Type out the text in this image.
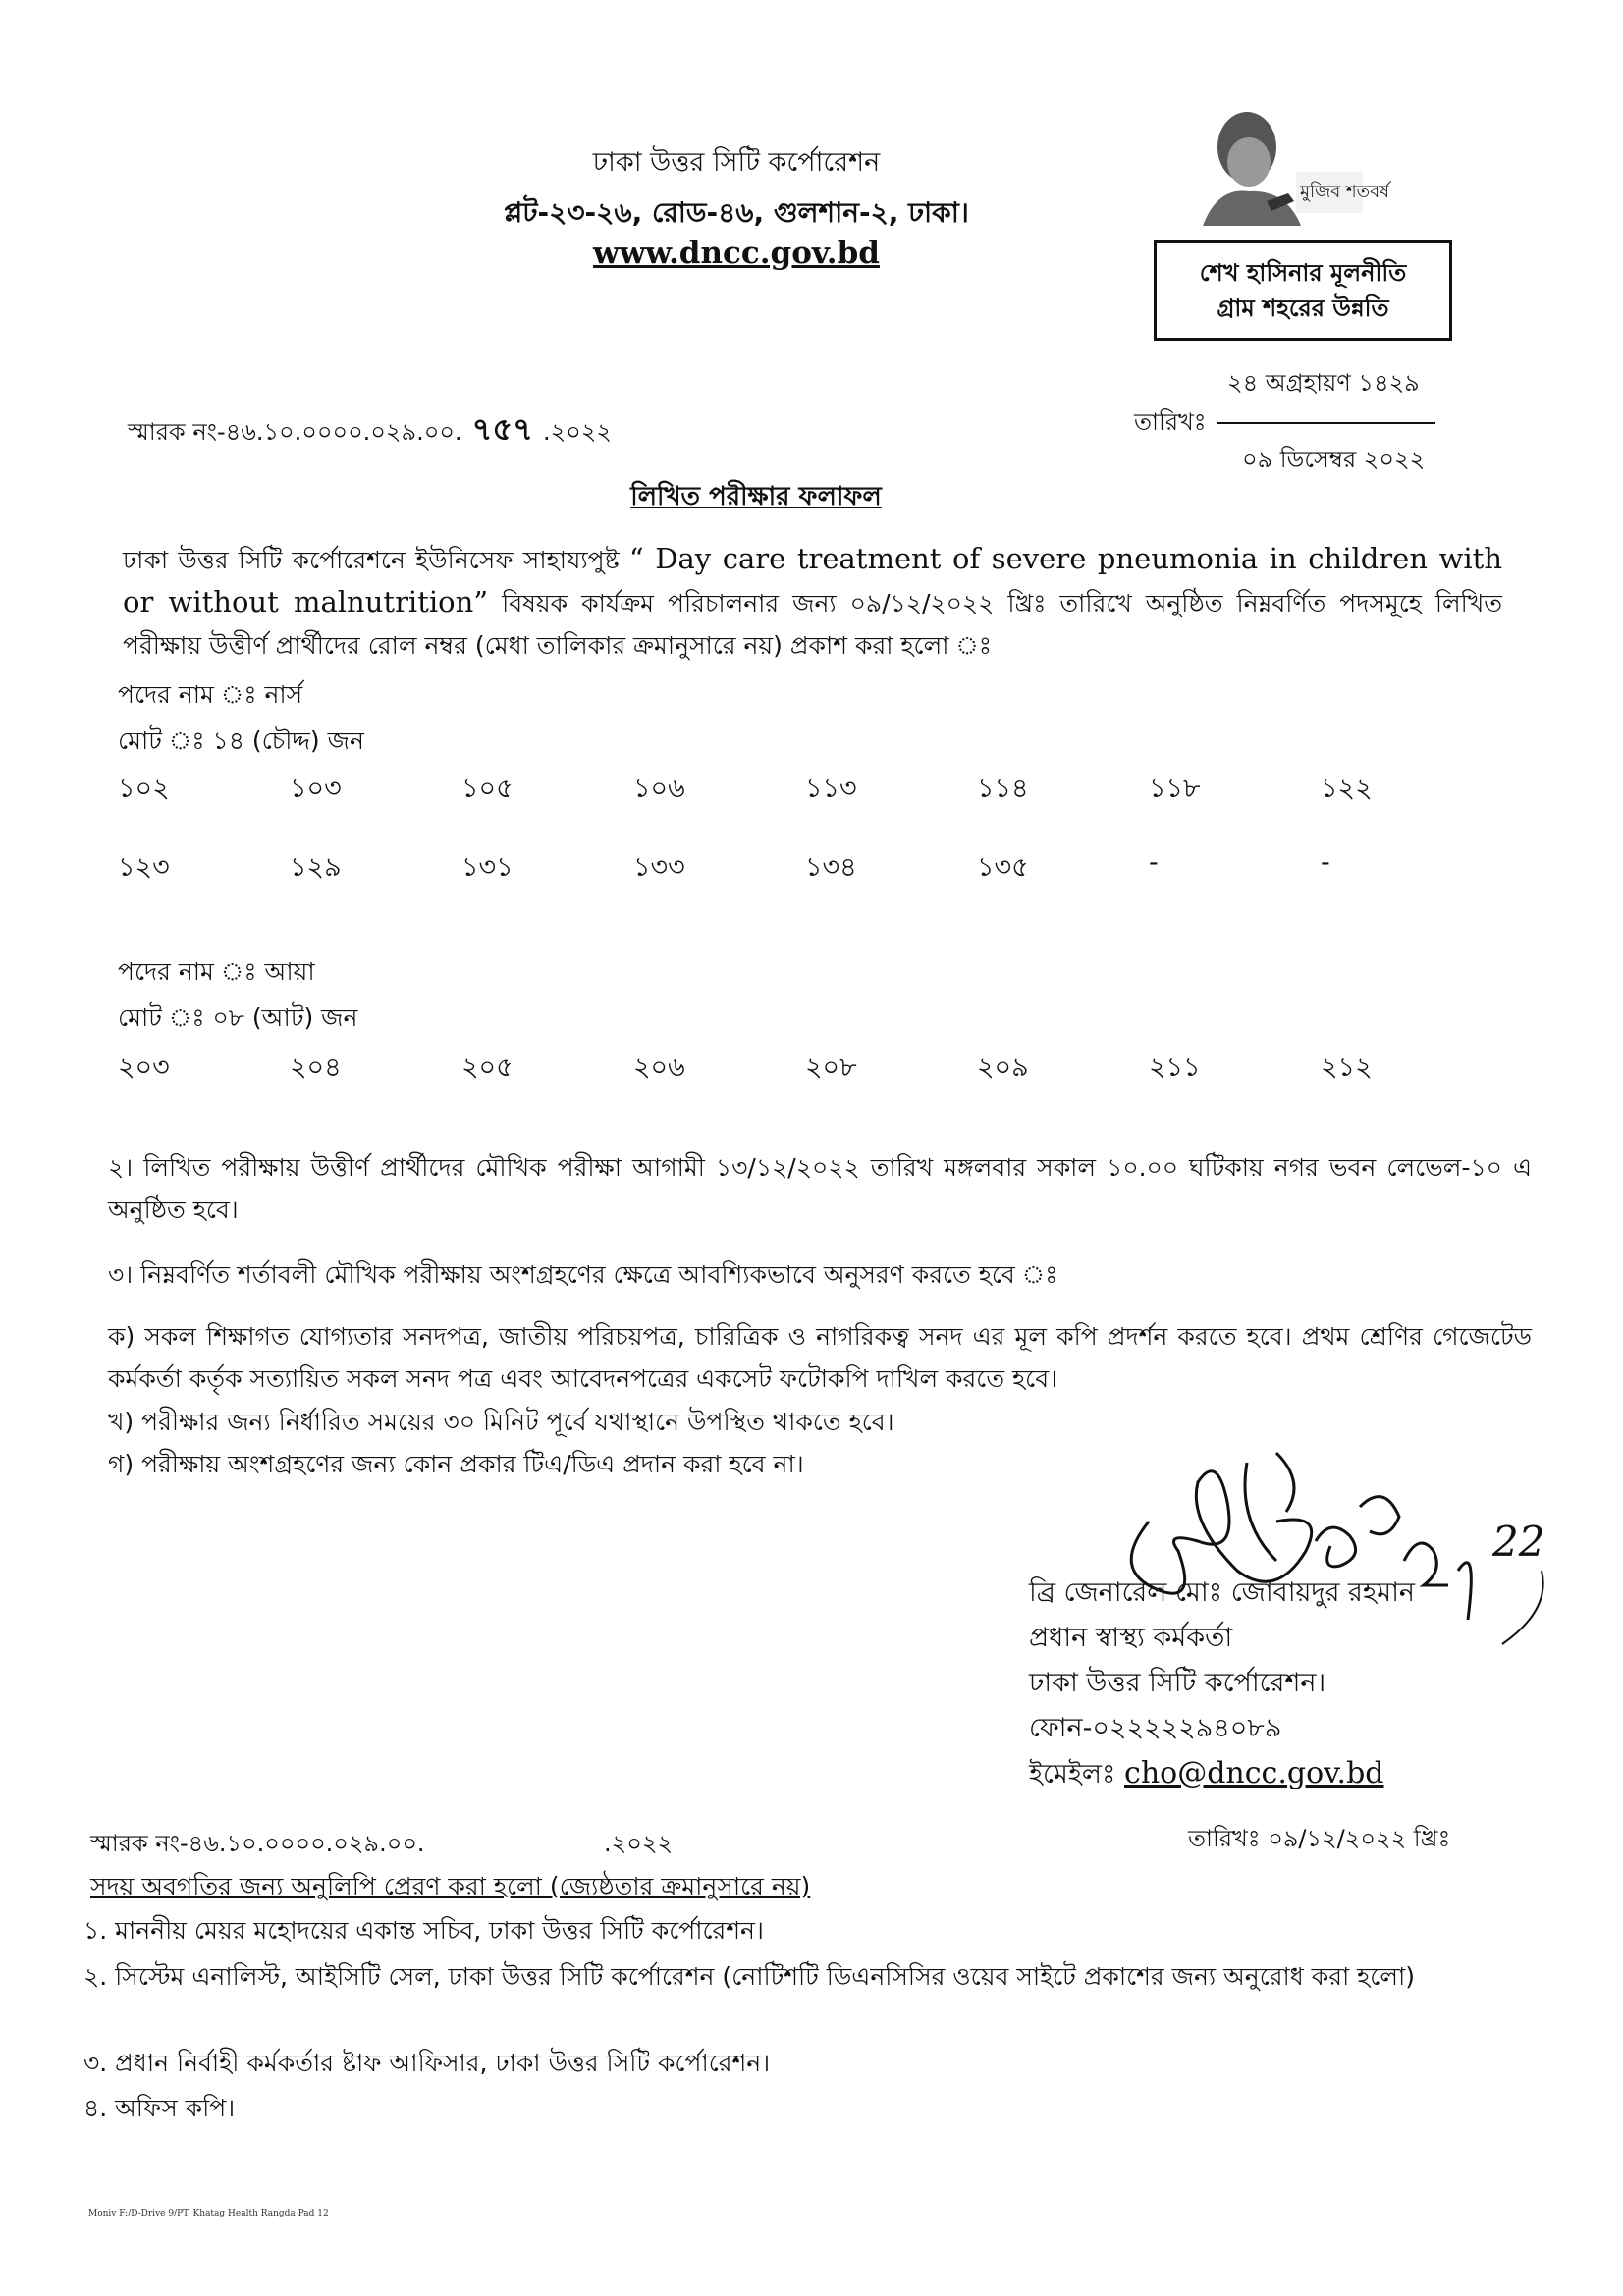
ঢাকা উত্তর সিটি কর্পোরেশন
প্লট-২৩-২৬, রোড-৪৬, গুলশান-২, ঢাকা।
www.dncc.gov.bd
মুজিব শতবর্ষ
শেখ হাসিনার মূলনীতি
গ্রাম শহরের উন্নতি
স্মারক নং-৪৬.১০.০০০০.০২৯.০০. ৭৫৭ .২০২২
২৪ অগ্রহায়ণ ১৪২৯
তারিখঃ
০৯ ডিসেম্বর ২০২২
লিখিত পরীক্ষার ফলাফল
ঢাকা উত্তর সিটি কর্পোরেশনে ইউনিসেফ সাহায্যপুষ্ট “ Day care treatment of severe pneumonia in children with or without malnutrition” বিষয়ক কার্যক্রম পরিচালনার জন্য ০৯/১২/২০২২ খ্রিঃ তারিখে অনুষ্ঠিত নিম্নবর্ণিত পদসমূহে লিখিত পরীক্ষায় উত্তীর্ণ প্রার্থীদের রোল নম্বর (মেধা তালিকার ক্রমানুসারে নয়) প্রকাশ করা হলো ঃ
পদের নাম ঃ নার্স
মোট ঃ ১৪ (চৌদ্দ) জন
১০২	১০৩	১০৫	১০৬	১১৩	১১৪	১১৮	১২২
১২৩	১২৯	১৩১	১৩৩	১৩৪	১৩৫	-	-
পদের নাম ঃ আয়া
মোট ঃ ০৮ (আট) জন
২০৩	২০৪	২০৫	২০৬	২০৮	২০৯	২১১	২১২
২। লিখিত পরীক্ষায় উত্তীর্ণ প্রার্থীদের মৌখিক পরীক্ষা আগামী ১৩/১২/২০২২ তারিখ মঙ্গলবার সকাল ১০.০০ ঘটিকায় নগর ভবন লেভেল-১০ এ অনুষ্ঠিত হবে।
৩। নিম্নবর্ণিত শর্তাবলী মৌখিক পরীক্ষায় অংশগ্রহণের ক্ষেত্রে আবশ্যিকভাবে অনুসরণ করতে হবে ঃ
ক) সকল শিক্ষাগত যোগ্যতার সনদপত্র, জাতীয় পরিচয়পত্র, চারিত্রিক ও নাগরিকত্ব সনদ এর মূল কপি প্রদর্শন করতে হবে। প্রথম শ্রেণির গেজেটেড কর্মকর্তা কর্তৃক সত্যায়িত সকল সনদ পত্র এবং আবেদনপত্রের একসেট ফটোকপি দাখিল করতে হবে।
খ) পরীক্ষার জন্য নির্ধারিত সময়ের ৩০ মিনিট পূর্বে যথাস্থানে উপস্থিত থাকতে হবে।
গ) পরীক্ষায় অংশগ্রহণের জন্য কোন প্রকার টিএ/ডিএ প্রদান করা হবে না।
22
ব্রি জেনারেল মোঃ জোবায়দুর রহমান
প্রধান স্বাস্থ্য কর্মকর্তা
ঢাকা উত্তর সিটি কর্পোরেশন।
ফোন-০২২২২২৯৪০৮৯
ইমেইলঃ cho@dncc.gov.bd
স্মারক নং-৪৬.১০.০০০০.০২৯.০০.	.২০২২	তারিখঃ ০৯/১২/২০২২ খ্রিঃ
সদয় অবগতির জন্য অনুলিপি প্রেরণ করা হলো (জ্যেষ্ঠতার ক্রমানুসারে নয়)
১. মাননীয় মেয়র মহোদয়ের একান্ত সচিব, ঢাকা উত্তর সিটি কর্পোরেশন।
২. সিস্টেম এনালিস্ট, আইসিটি সেল, ঢাকা উত্তর সিটি কর্পোরেশন (নোটিশটি ডিএনসিসির ওয়েব সাইটে প্রকাশের জন্য অনুরোধ করা হলো)
৩. প্রধান নির্বাহী কর্মকর্তার ষ্টাফ আফিসার, ঢাকা উত্তর সিটি কর্পোরেশন।
৪. অফিস কপি।
Moniv F:/D-Drive 9/PT, Khatag Health Rangda Pad 12
